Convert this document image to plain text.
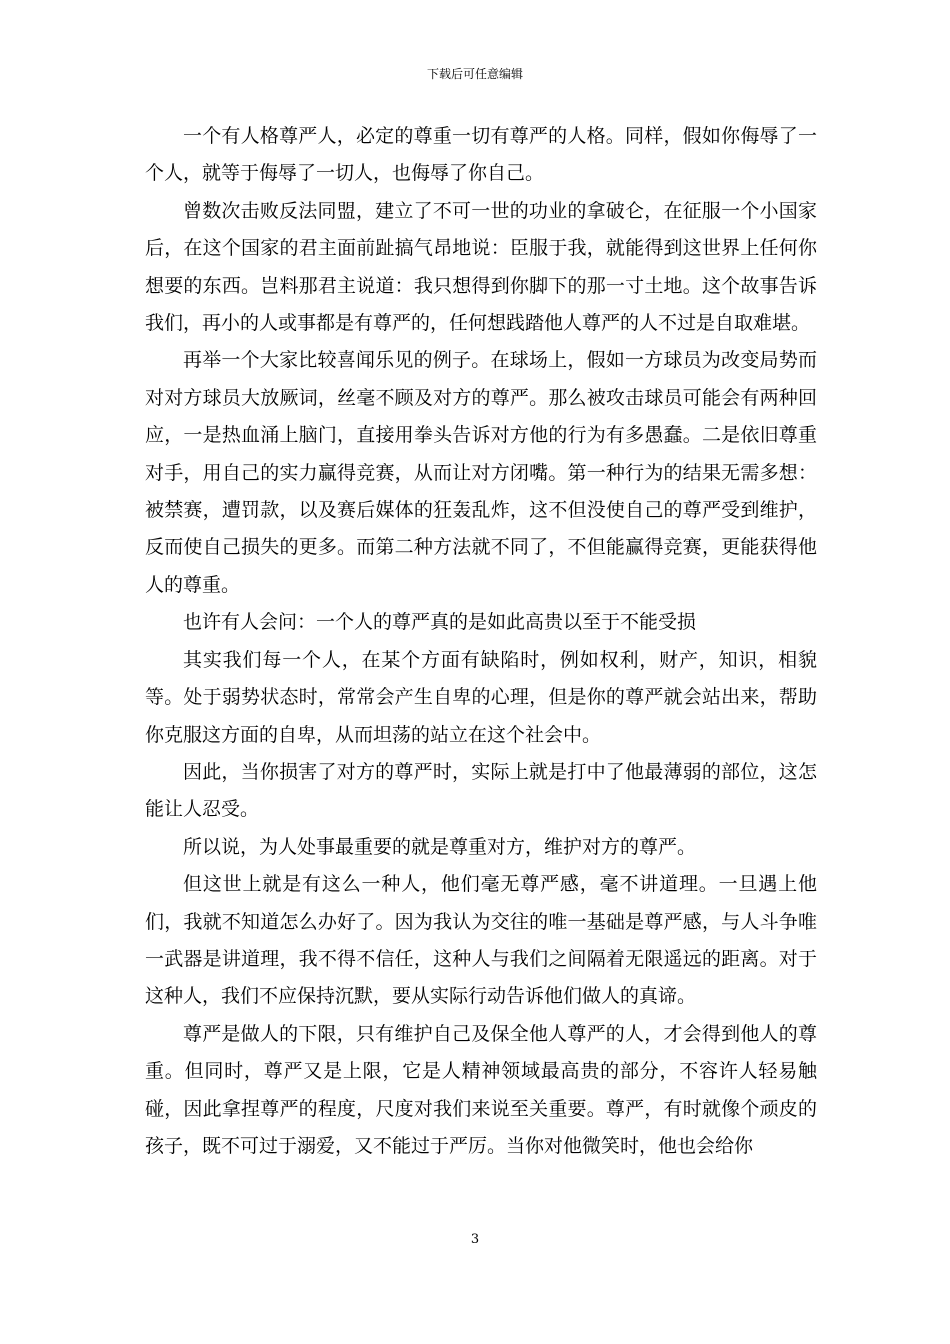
下载后可任意编辑

一个有人格尊严人，必定的尊重一切有尊严的人格。同样，假如你侮辱了一个人，就等于侮辱了一切人，也侮辱了你自己。

曾数次击败反法同盟，建立了不可一世的功业的拿破仑，在征服一个小国家后，在这个国家的君主面前趾搞气昂地说：臣服于我，就能得到这世界上任何你想要的东西。岂料那君主说道：我只想得到你脚下的那一寸土地。这个故事告诉我们，再小的人或事都是有尊严的，任何想践踏他人尊严的人不过是自取难堪。

再举一个大家比较喜闻乐见的例子。在球场上，假如一方球员为改变局势而对对方球员大放厥词，丝毫不顾及对方的尊严。那么被攻击球员可能会有两种回应，一是热血涌上脑门，直接用拳头告诉对方他的行为有多愚蠢。二是依旧尊重对手，用自己的实力赢得竞赛，从而让对方闭嘴。第一种行为的结果无需多想：被禁赛，遭罚款，以及赛后媒体的狂轰乱炸，这不但没使自己的尊严受到维护，反而使自己损失的更多。而第二种方法就不同了，不但能赢得竞赛，更能获得他人的尊重。

也许有人会问：一个人的尊严真的是如此高贵以至于不能受损

其实我们每一个人，在某个方面有缺陷时，例如权利，财产，知识，相貌等。处于弱势状态时，常常会产生自卑的心理，但是你的尊严就会站出来，帮助你克服这方面的自卑，从而坦荡的站立在这个社会中。

因此，当你损害了对方的尊严时，实际上就是打中了他最薄弱的部位，这怎能让人忍受。

所以说，为人处事最重要的就是尊重对方，维护对方的尊严。

但这世上就是有这么一种人，他们毫无尊严感，毫不讲道理。一旦遇上他们，我就不知道怎么办好了。因为我认为交往的唯一基础是尊严感，与人斗争唯一武器是讲道理，我不得不信任，这种人与我们之间隔着无限遥远的距离。对于这种人，我们不应保持沉默，要从实际行动告诉他们做人的真谛。

尊严是做人的下限，只有维护自己及保全他人尊严的人，才会得到他人的尊重。但同时，尊严又是上限，它是人精神领域最高贵的部分，不容许人轻易触碰，因此拿捏尊严的程度，尺度对我们来说至关重要。尊严，有时就像个顽皮的孩子，既不可过于溺爱，又不能过于严厉。当你对他微笑时，他也会给你

3
